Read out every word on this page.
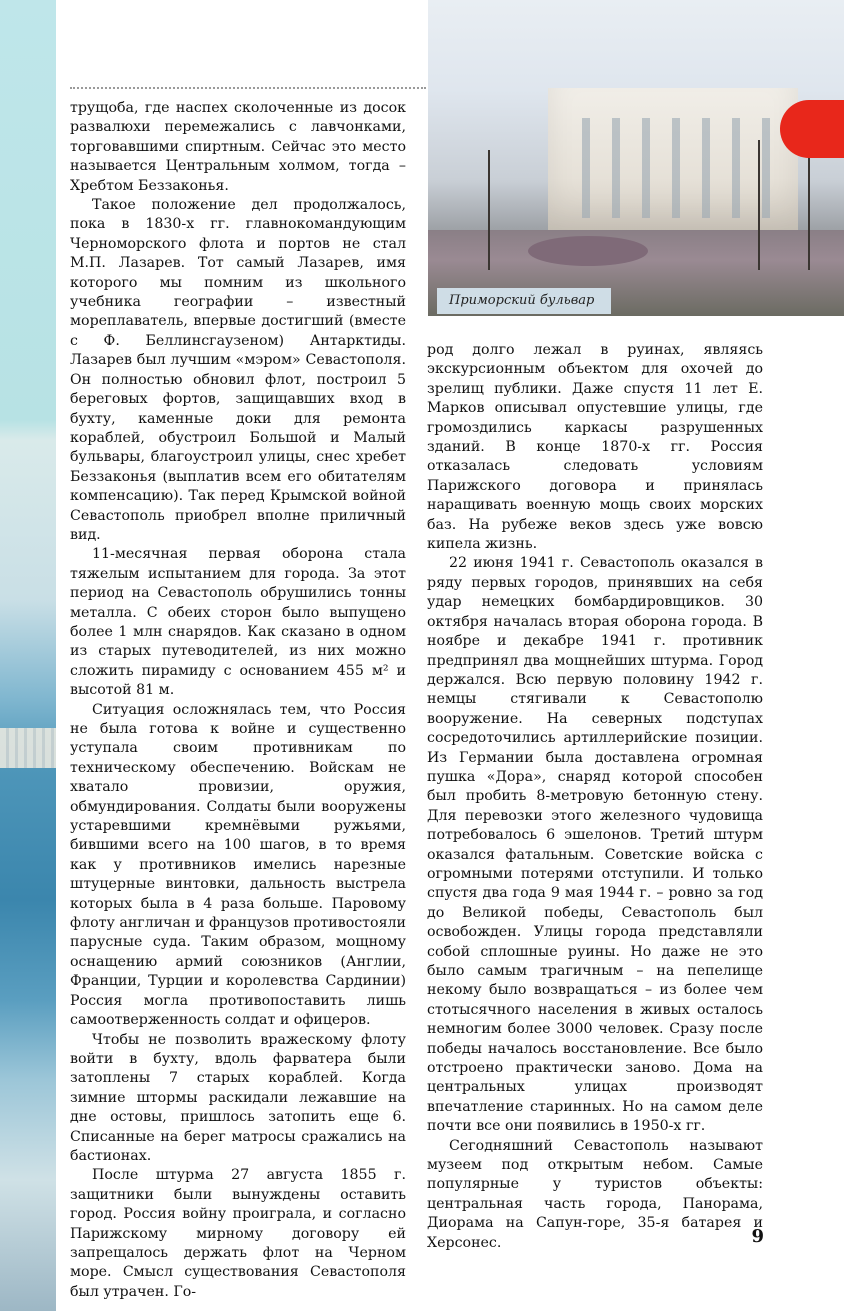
Приморский бульвар

трущоба, где наспех сколоченные из досок развалюхи перемежались с лавчонками, торговавшими спиртным. Сейчас это место называется Центральным холмом, тогда – Хребтом Беззаконья.

Такое положение дел продолжалось, пока в 1830-х гг. главнокомандующим Черноморского флота и портов не стал М.П. Лазарев. Тот самый Лазарев, имя которого мы помним из школьного учебника географии – известный мореплаватель, впервые достигший (вместе с Ф. Беллинсгаузеном) Антарктиды. Лазарев был лучшим «мэром» Севастополя. Он полностью обновил флот, построил 5 береговых фортов, защищавших вход в бухту, каменные доки для ремонта кораблей, обустроил Большой и Малый бульвары, благоустроил улицы, снес хребет Беззаконья (выплатив всем его обитателям компенсацию). Так перед Крымской войной Севастополь приобрел вполне приличный вид.

11-месячная первая оборона стала тяжелым испытанием для города. За этот период на Севастополь обрушились тонны металла. С обеих сторон было выпущено более 1 млн снарядов. Как сказано в одном из старых путеводителей, из них можно сложить пирамиду с основанием 455 м² и высотой 81 м.

Ситуация осложнялась тем, что Россия не была готова к войне и существенно уступала своим противникам по техническому обеспечению. Войскам не хватало провизии, оружия, обмундирования. Солдаты были вооружены устаревшими кремнёвыми ружьями, бившими всего на 100 шагов, в то время как у противников имелись нарезные штуцерные винтовки, дальность выстрела которых была в 4 раза больше. Паровому флоту англичан и французов противостояли парусные суда. Таким образом, мощному оснащению армий союзников (Англии, Франции, Турции и королевства Сардинии) Россия могла противопоставить лишь самоотверженность солдат и офицеров.

Чтобы не позволить вражескому флоту войти в бухту, вдоль фарватера были затоплены 7 старых кораблей. Когда зимние штормы раскидали лежавшие на дне остовы, пришлось затопить еще 6. Списанные на берег матросы сражались на бастионах.

После штурма 27 августа 1855 г. защитники были вынуждены оставить город. Россия войну проиграла, и согласно Парижскому мирному договору ей запрещалось держать флот на Черном море. Смысл существования Севастополя был утрачен. Го-

род долго лежал в руинах, являясь экскурсионным объектом для охочей до зрелищ публики. Даже спустя 11 лет Е. Марков описывал опустевшие улицы, где громоздились каркасы разрушенных зданий. В конце 1870-х гг. Россия отказалась следовать условиям Парижского договора и принялась наращивать военную мощь своих морских баз. На рубеже веков здесь уже вовсю кипела жизнь.

22 июня 1941 г. Севастополь оказался в ряду первых городов, принявших на себя удар немецких бомбардировщиков. 30 октября началась вторая оборона города. В ноябре и декабре 1941 г. противник предпринял два мощнейших штурма. Город держался. Всю первую половину 1942 г. немцы стягивали к Севастополю вооружение. На северных подступах сосредоточились артиллерийские позиции. Из Германии была доставлена огромная пушка «Дора», снаряд которой способен был пробить 8-метровую бетонную стену. Для перевозки этого железного чудовища потребовалось 6 эшелонов. Третий штурм оказался фатальным. Советские войска с огромными потерями отступили. И только спустя два года 9 мая 1944 г. – ровно за год до Великой победы, Севастополь был освобожден. Улицы города представляли собой сплошные руины. Но даже не это было самым трагичным – на пепелище некому было возвращаться – из более чем стотысячного населения в живых осталось немногим более 3000 человек. Сразу после победы началось восстановление. Все было отстроено практически заново. Дома на центральных улицах производят впечатление старинных. Но на самом деле почти все они появились в 1950-х гг.

Сегодняшний Севастополь называют музеем под открытым небом. Самые популярные у туристов объекты: центральная часть города, Панорама, Диорама на Сапун-горе, 35-я батарея и Херсонес.	9
